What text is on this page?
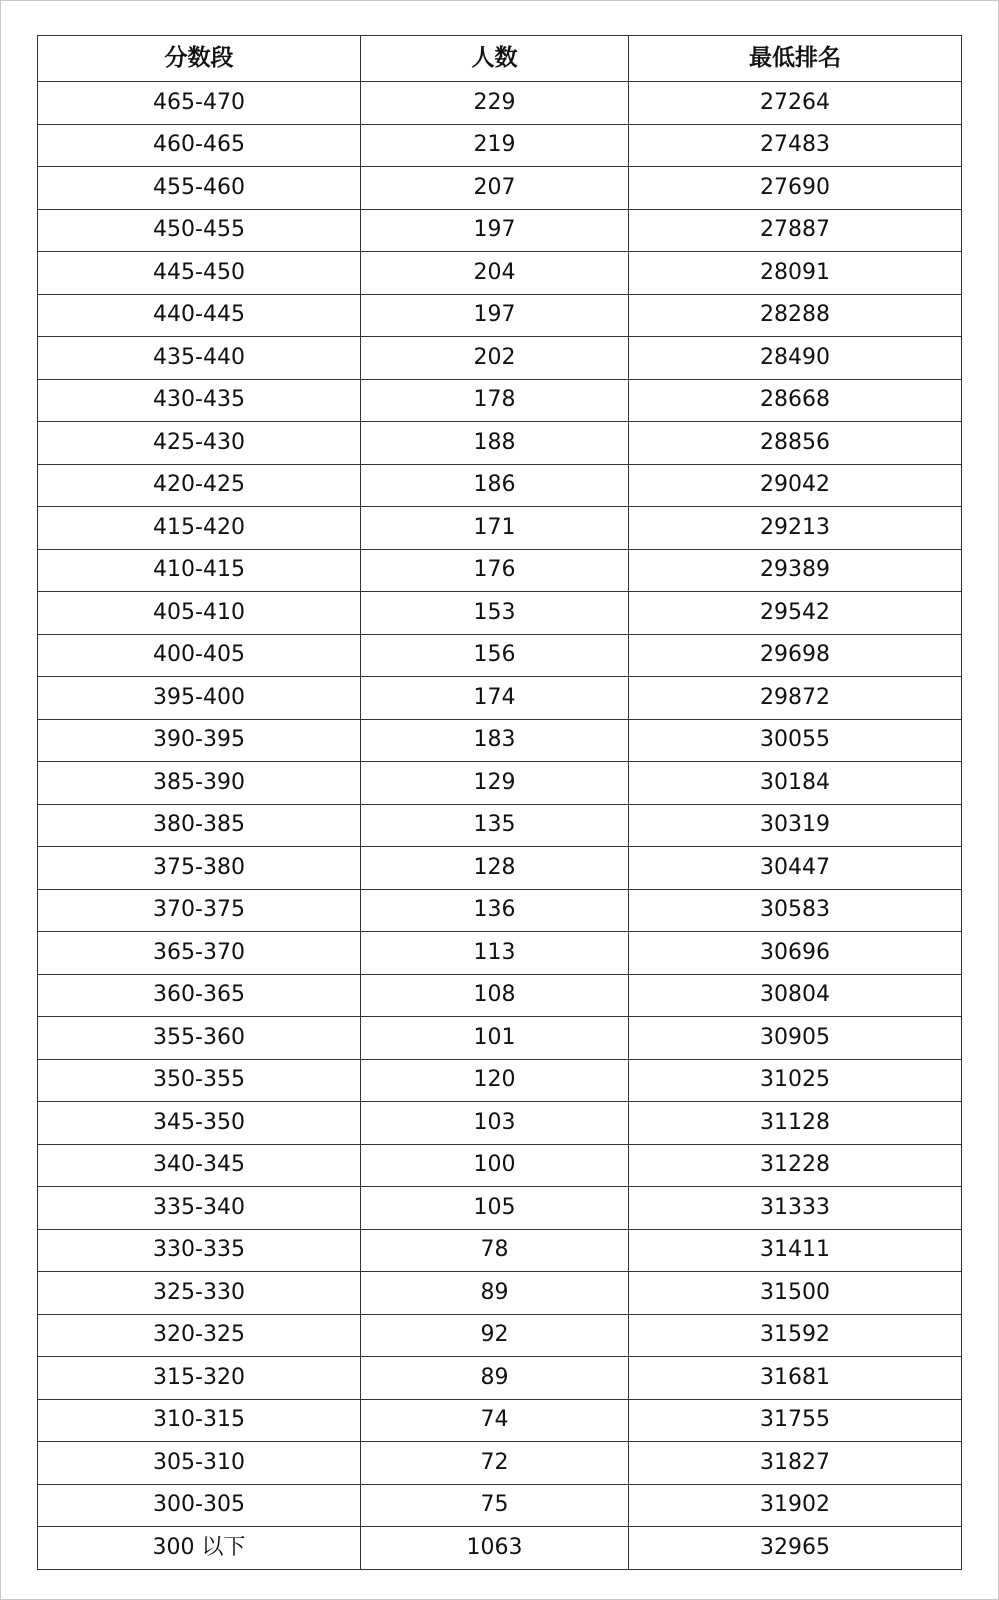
分数段	人数	最低排名
465-470	229	27264
460-465	219	27483
455-460	207	27690
450-455	197	27887
445-450	204	28091
440-445	197	28288
435-440	202	28490
430-435	178	28668
425-430	188	28856
420-425	186	29042
415-420	171	29213
410-415	176	29389
405-410	153	29542
400-405	156	29698
395-400	174	29872
390-395	183	30055
385-390	129	30184
380-385	135	30319
375-380	128	30447
370-375	136	30583
365-370	113	30696
360-365	108	30804
355-360	101	30905
350-355	120	31025
345-350	103	31128
340-345	100	31228
335-340	105	31333
330-335	78	31411
325-330	89	31500
320-325	92	31592
315-320	89	31681
310-315	74	31755
305-310	72	31827
300-305	75	31902
300 以下	1063	32965
